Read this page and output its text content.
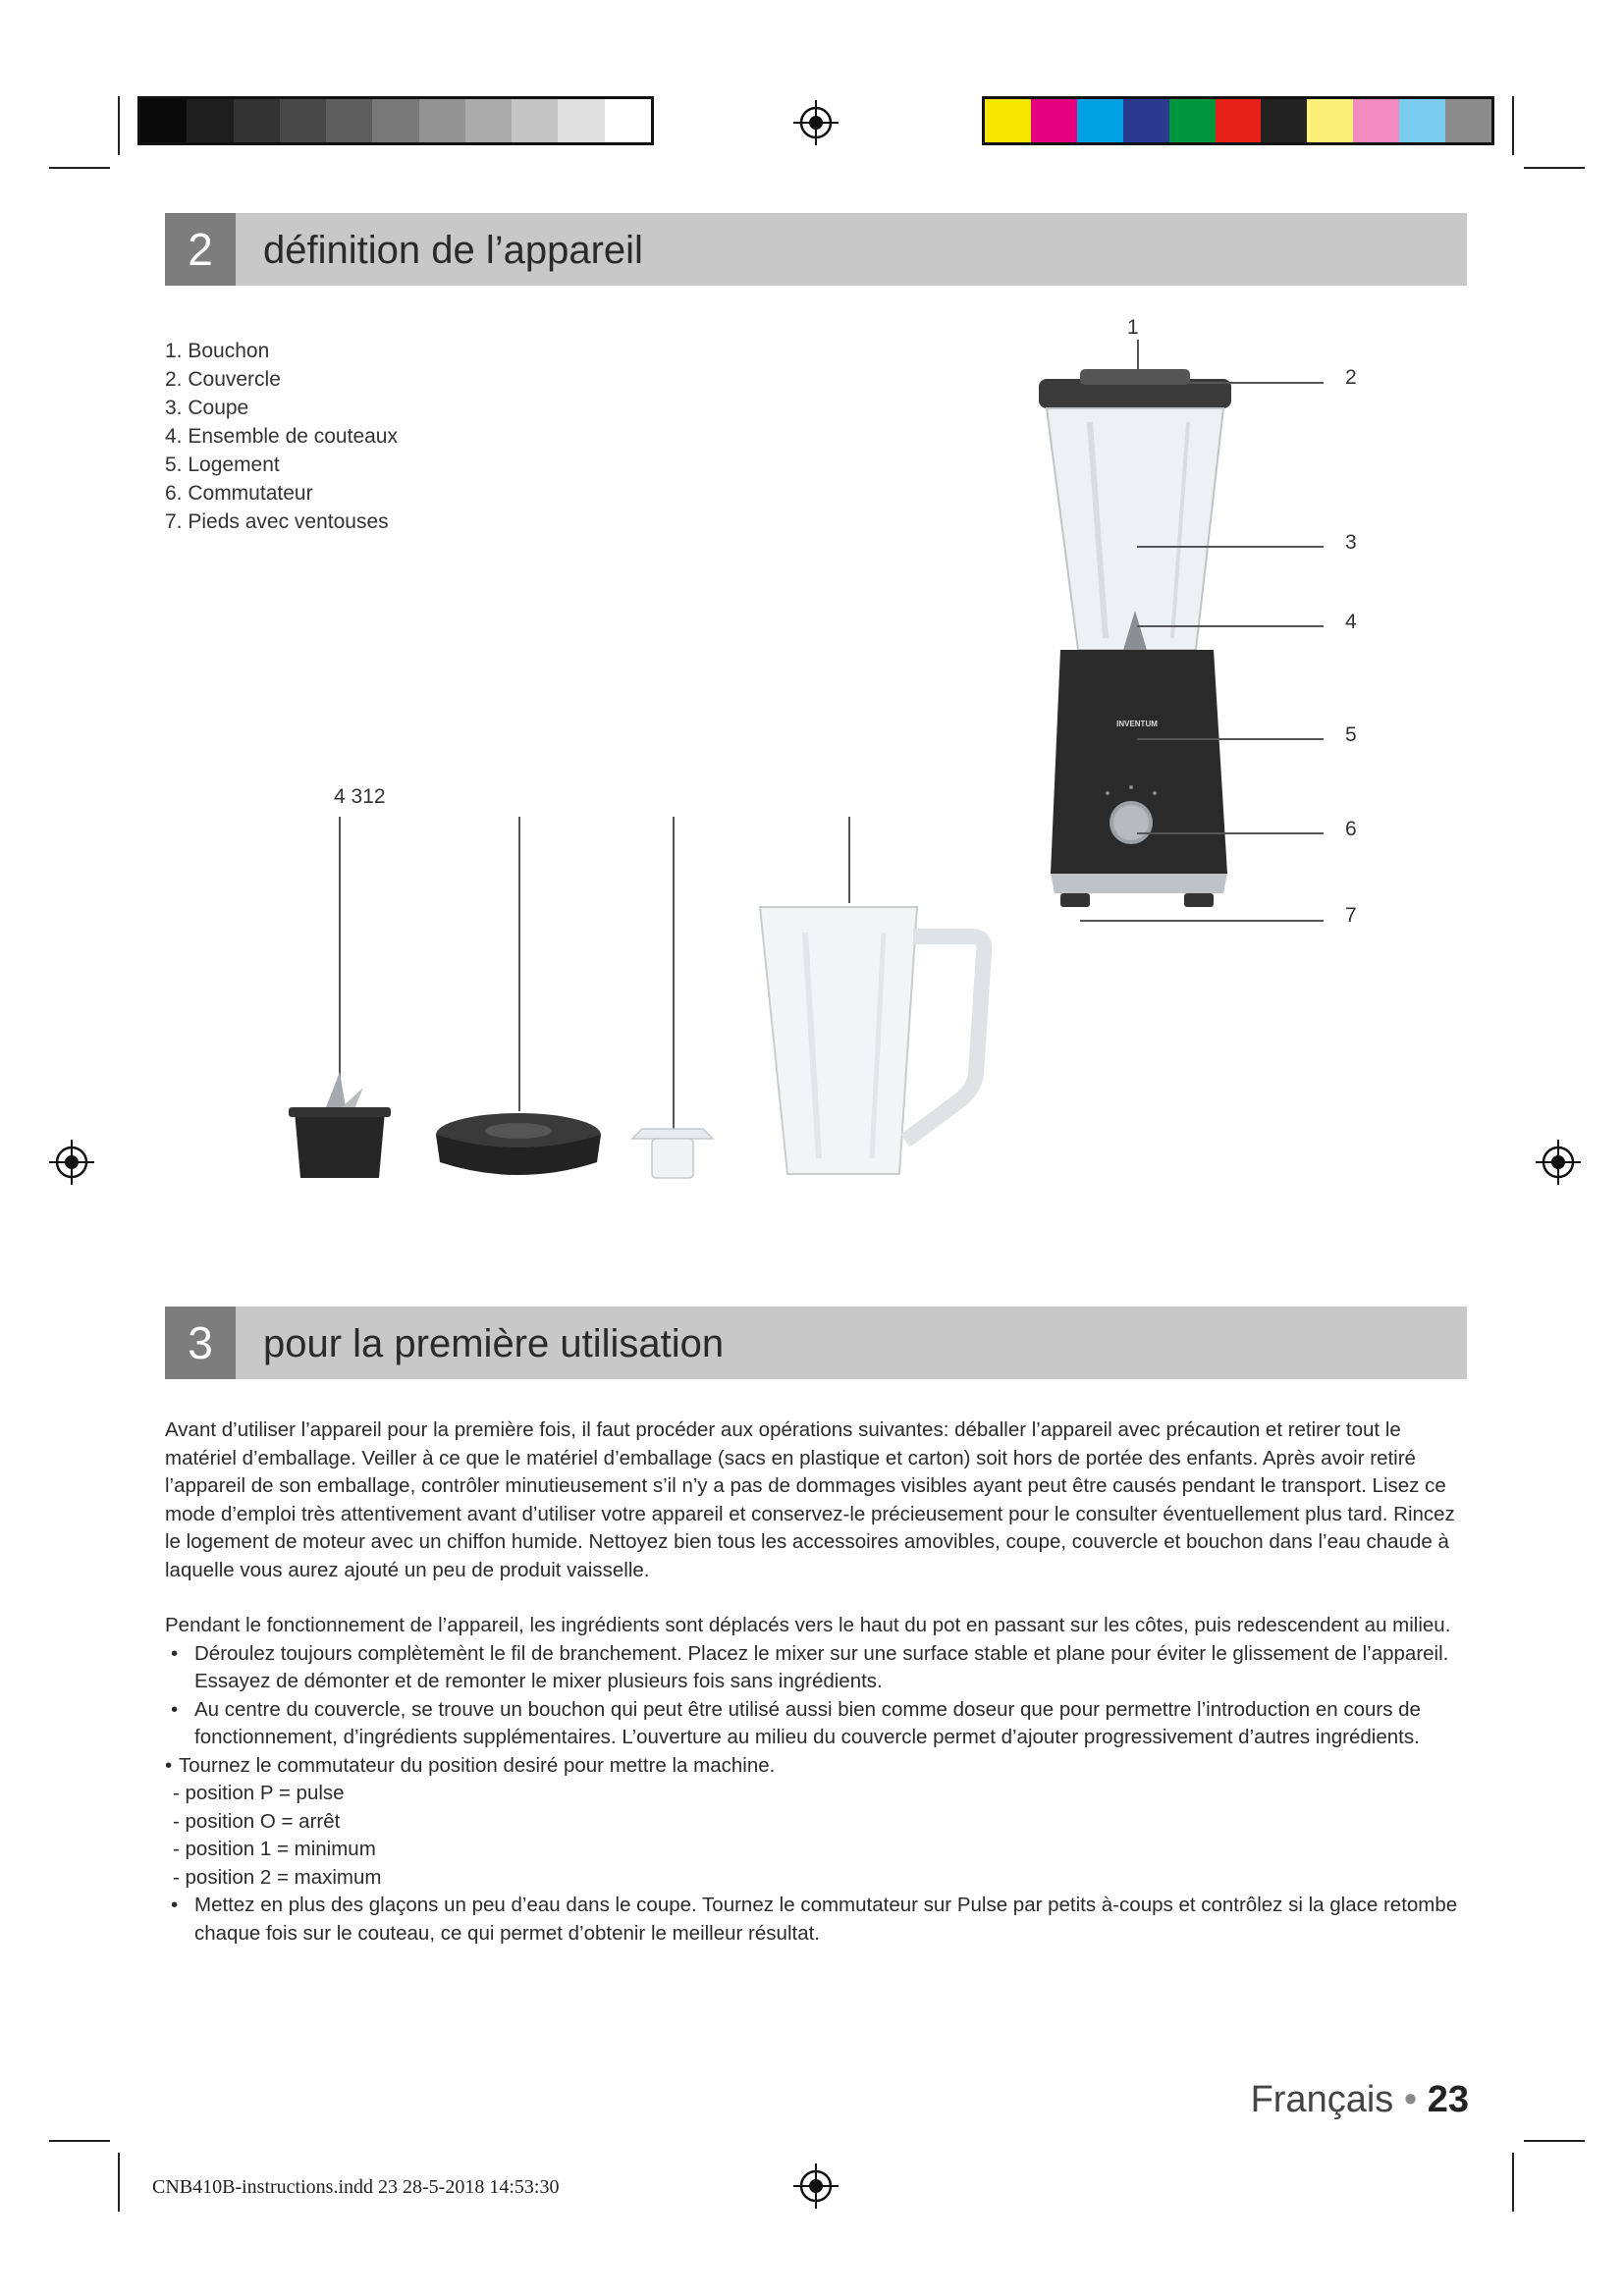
2	définition de l’appareil
1. Bouchon
2. Couvercle
3. Coupe
4. Ensemble de couteaux
5. Logement
6. Commutateur
7. Pieds avec ventouses
INVENTUM
1
2
3
4
5
6
7
4 312
3	pour la première utilisation

Avant d’utiliser l’appareil pour la première fois, il faut procéder aux opérations suivantes: déballer l’appareil avec précaution et retirer tout le matériel d’emballage. Veiller à ce que le matériel d’emballage (sacs en plastique et carton) soit hors de portée des enfants. Après avoir retiré l’appareil de son emballage, contrôler minutieusement s’il n’y a pas de dommages visibles ayant peut être causés pendant le transport. Lisez ce mode d’emploi très attentivement avant d’utiliser votre appareil et conservez-le précieusement pour le consulter éventuellement plus tard. Rincez le logement de moteur avec un chiffon humide. Nettoyez bien tous les accessoires amovibles, coupe, couvercle et bouchon dans l’eau chaude à laquelle vous aurez ajouté un peu de produit vaisselle.

Pendant le fonctionnement de l’appareil, les ingrédients sont déplacés vers le haut du pot en passant sur les côtes, puis redescendent au milieu.

• Déroulez toujours complètemènt le fil de branchement. Placez le mixer sur une surface stable et plane pour éviter le glissement de l’appareil. Essayez de démonter et de remonter le mixer plusieurs fois sans ingrédients.
• Au centre du couvercle, se trouve un bouchon qui peut être utilisé aussi bien comme doseur que pour permettre l’introduction en cours de fonctionnement, d’ingrédients supplémentaires. L’ouverture au milieu du couvercle permet d’ajouter progressivement d’autres ingrédients.
• Tournez le commutateur du position desiré pour mettre la machine.
- position P = pulse
- position O = arrêt
- position 1 = minimum
- position 2 = maximum
• Mettez en plus des glaçons un peu d’eau dans le coupe. Tournez le commutateur sur Pulse par petits à-coups et contrôlez si la glace retombe chaque fois sur le couteau, ce qui permet d’obtenir le meilleur résultat.
Français • 23
CNB410B-instructions.indd 23 28-5-2018 14:53:30
